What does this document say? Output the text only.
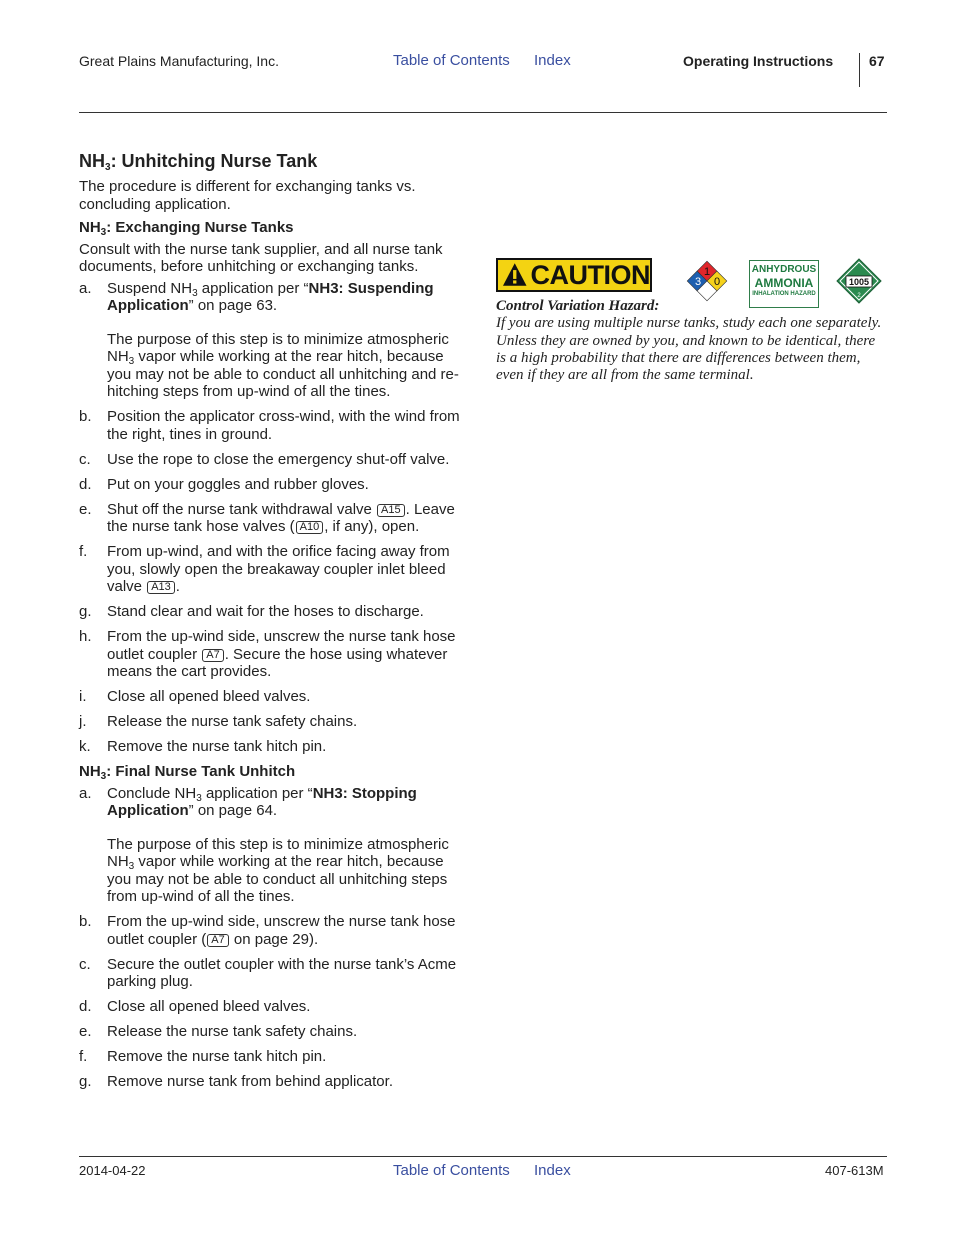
Great Plains Manufacturing, Inc.	Table of Contents Index	Operating Instructions	67
$NH_3$: Unhitching Nurse Tank

The procedure is different for exchanging tanks vs. concluding application.

$NH_3$: Exchanging Nurse Tanks

Consult with the nurse tank supplier, and all nurse tank documents, before unhitching or exchanging tanks.

a. Suspend $NH_3$ application per “NH3: Suspending Application” on page 63.
The purpose of this step is to minimize atmospheric $NH_3$ vapor while working at the rear hitch, because you may not be able to conduct all unhitching and re-hitching steps from up-wind of all the tines.
b. Position the applicator cross-wind, with the wind from the right, tines in ground.
c. Use the rope to close the emergency shut-off valve.
d. Put on your goggles and rubber gloves.
e. Shut off the nurse tank withdrawal valve A15 . Leave the nurse tank hose valves ( A10 , if any), open.
f. From up-wind, and with the orifice facing away from you, slowly open the breakaway coupler inlet bleed valve A13 .
g. Stand clear and wait for the hoses to discharge.
h. From the up-wind side, unscrew the nurse tank hose outlet coupler A7 . Secure the hose using whatever means the cart provides.
i. Close all opened bleed valves.
j. Release the nurse tank safety chains.
k. Remove the nurse tank hitch pin.
$NH_3$: Final Nurse Tank Unhitch
a. Conclude $NH_3$ application per “NH3: Stopping Application” on page 64.
The purpose of this step is to minimize atmospheric $NH_3$ vapor while working at the rear hitch, because you may not be able to conduct all unhitching steps from up-wind of all the tines.
b. From the up-wind side, unscrew the nurse tank hose outlet coupler ( A7 on page 29).
c. Secure the outlet coupler with the nurse tank’s Acme parking plug.
d. Close all opened bleed valves.
e. Release the nurse tank safety chains.
f. Remove the nurse tank hitch pin.
g. Remove nurse tank from behind applicator.
CAUTION	1
3 0
ANHYDROUS
AMMONIA
INHALATION HAZARD
1005
2
Control Variation Hazard:
If you are using multiple nurse tanks, study each one separately. Unless they are owned by you, and known to be identical, there is a high probability that there are differences between them, even if they are all from the same terminal.
2014-04-22	Table of Contents Index	407-613M
